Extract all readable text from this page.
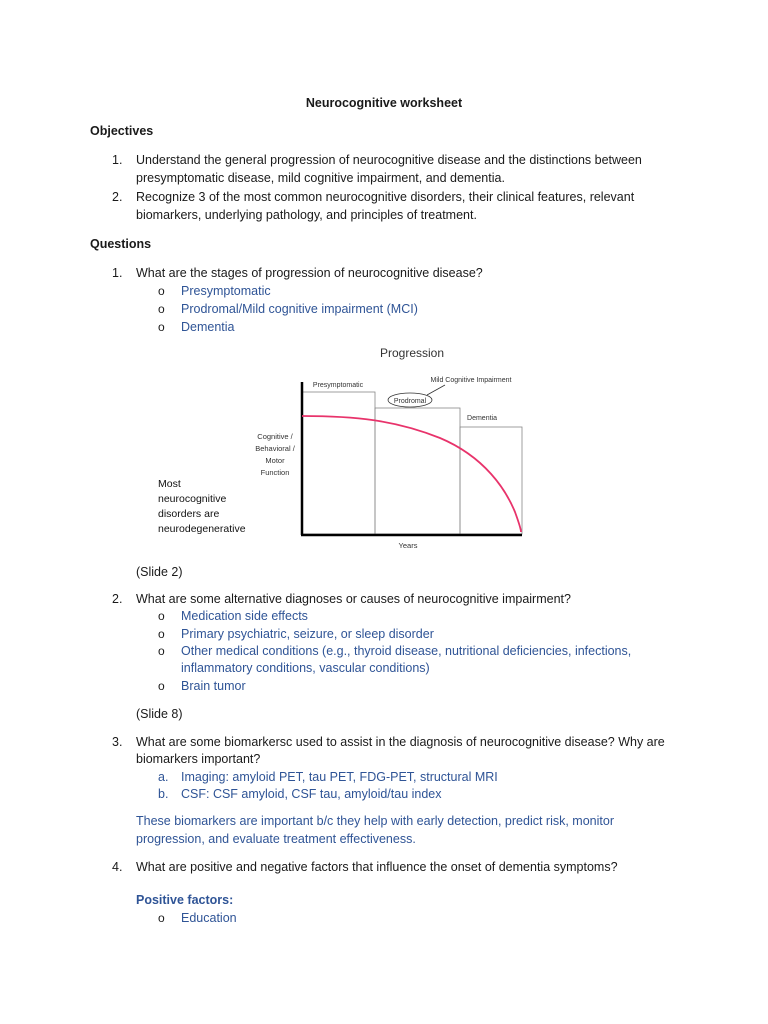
Neurocognitive worksheet
Objectives
1. Understand the general progression of neurocognitive disease and the distinctions between
presymptomatic disease, mild cognitive impairment, and dementia.
2. Recognize 3 of the most common neurocognitive disorders, their clinical features, relevant
biomarkers, underlying pathology, and principles of treatment.
Questions
1. What are the stages of progression of neurocognitive disease?
o Presymptomatic
o Prodromal/Mild cognitive impairment (MCI)
o Dementia
Progression
Presymptomatic
Prodromal
Dementia
Mild Cognitive Impairment
Cognitive /
Behavioral /
Motor
Function
Years
Most
neurocognitive
disorders are
neurodegenerative
(Slide 2)
2. What are some alternative diagnoses or causes of neurocognitive impairment?
o Medication side effects
o Primary psychiatric, seizure, or sleep disorder
o Other medical conditions (e.g., thyroid disease, nutritional deficiencies, infections,
inflammatory conditions, vascular conditions)
o Brain tumor
(Slide 8)
3. What are some biomarkersc used to assist in the diagnosis of neurocognitive disease? Why are
biomarkers important?
a. Imaging: amyloid PET, tau PET, FDG-PET, structural MRI
b. CSF: CSF amyloid, CSF tau, amyloid/tau index
These biomarkers are important b/c they help with early detection, predict risk, monitor
progression, and evaluate treatment effectiveness.
4. What are positive and negative factors that influence the onset of dementia symptoms?
Positive factors:
o Education
